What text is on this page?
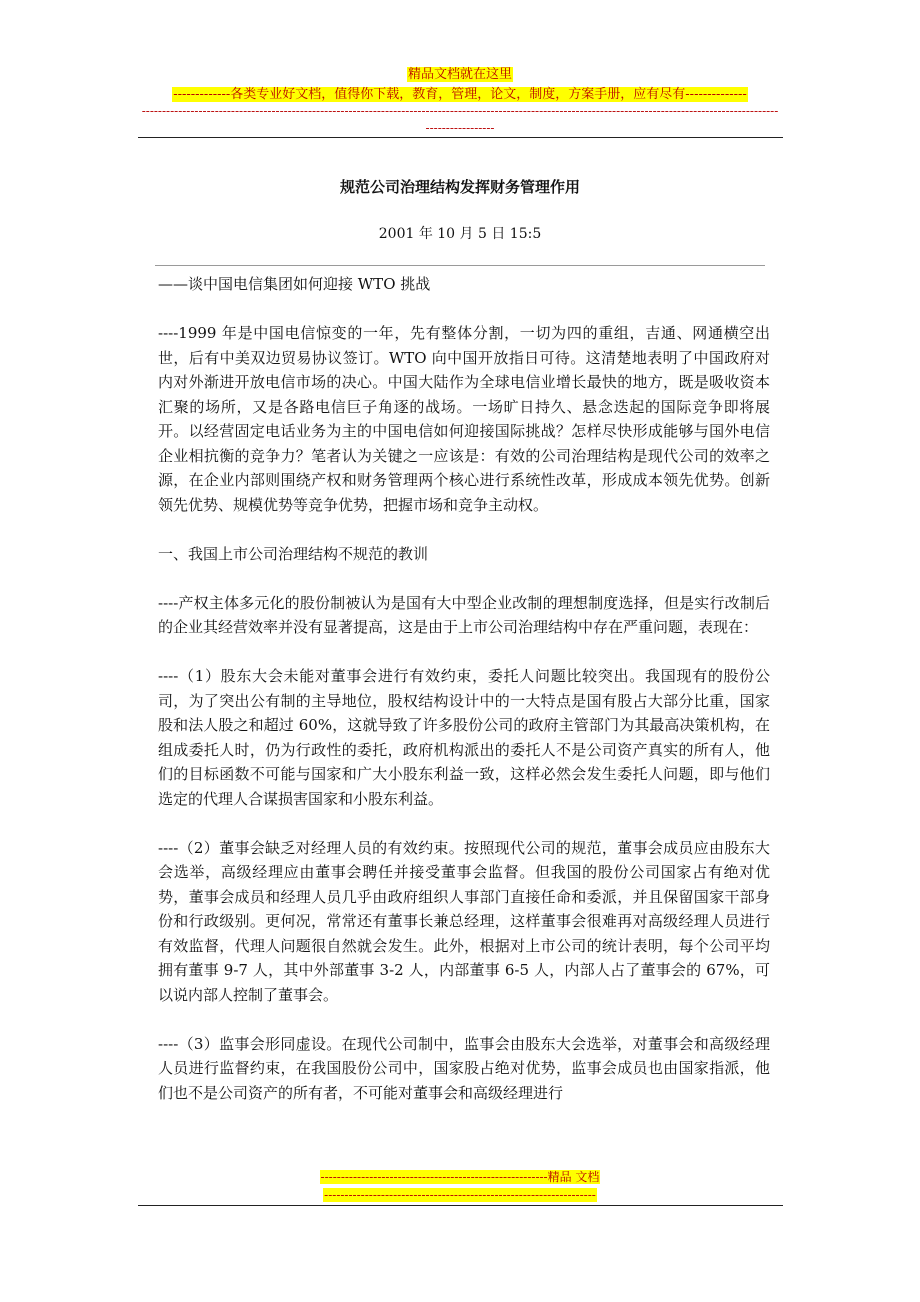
精品文档就在这里
-------------各类专业好文档，值得你下载，教育，管理，论文，制度，方案手册，应有尽有--------------
------------------------------------------------------------------------------------------------------------------------------------------------------------------------------
规范公司治理结构发挥财务管理作用
2001 年 10 月 5 日 15:5

——谈中国电信集团如何迎接 WTO 挑战

----1999 年是中国电信惊变的一年，先有整体分割，一切为四的重组，吉通、网通横空出世，后有中美双边贸易协议签订。WTO 向中国开放指日可待。这清楚地表明了中国政府对内对外渐进开放电信市场的决心。中国大陆作为全球电信业增长最快的地方，既是吸收资本汇聚的场所，又是各路电信巨子角逐的战场。一场旷日持久、悬念迭起的国际竞争即将展开。以经营固定电话业务为主的中国电信如何迎接国际挑战？怎样尽快形成能够与国外电信企业相抗衡的竞争力？笔者认为关键之一应该是：有效的公司治理结构是现代公司的效率之源，在企业内部则围绕产权和财务管理两个核心进行系统性改革，形成成本领先优势。创新领先优势、规模优势等竞争优势，把握市场和竞争主动权。

一、我国上市公司治理结构不规范的教训

----产权主体多元化的股份制被认为是国有大中型企业改制的理想制度选择，但是实行改制后的企业其经营效率并没有显著提高，这是由于上市公司治理结构中存在严重问题，表现在：

----（1）股东大会未能对董事会进行有效约束，委托人问题比较突出。我国现有的股份公司，为了突出公有制的主导地位，股权结构设计中的一大特点是国有股占大部分比重，国家股和法人股之和超过 60%，这就导致了许多股份公司的政府主管部门为其最高决策机构，在组成委托人时，仍为行政性的委托，政府机构派出的委托人不是公司资产真实的所有人，他们的目标函数不可能与国家和广大小股东利益一致，这样必然会发生委托人问题，即与他们选定的代理人合谋损害国家和小股东利益。

----（2）董事会缺乏对经理人员的有效约束。按照现代公司的规范，董事会成员应由股东大会选举，高级经理应由董事会聘任并接受董事会监督。但我国的股份公司国家占有绝对优势，董事会成员和经理人员几乎由政府组织人事部门直接任命和委派，并且保留国家干部身份和行政级别。更何况，常常还有董事长兼总经理，这样董事会很难再对高级经理人员进行有效监督，代理人问题很自然就会发生。此外，根据对上市公司的统计表明，每个公司平均拥有董事 9-7 人，其中外部董事 3-2 人，内部董事 6-5 人，内部人占了董事会的 67%，可以说内部人控制了董事会。

----（3）监事会形同虚设。在现代公司制中，监事会由股东大会选举，对董事会和高级经理人员进行监督约束，在我国股份公司中，国家股占绝对优势，监事会成员也由国家指派，他们也不是公司资产的所有者，不可能对董事会和高级经理进行

--------------------------------------------------------精品 文档
-------------------------------------------------------------------
